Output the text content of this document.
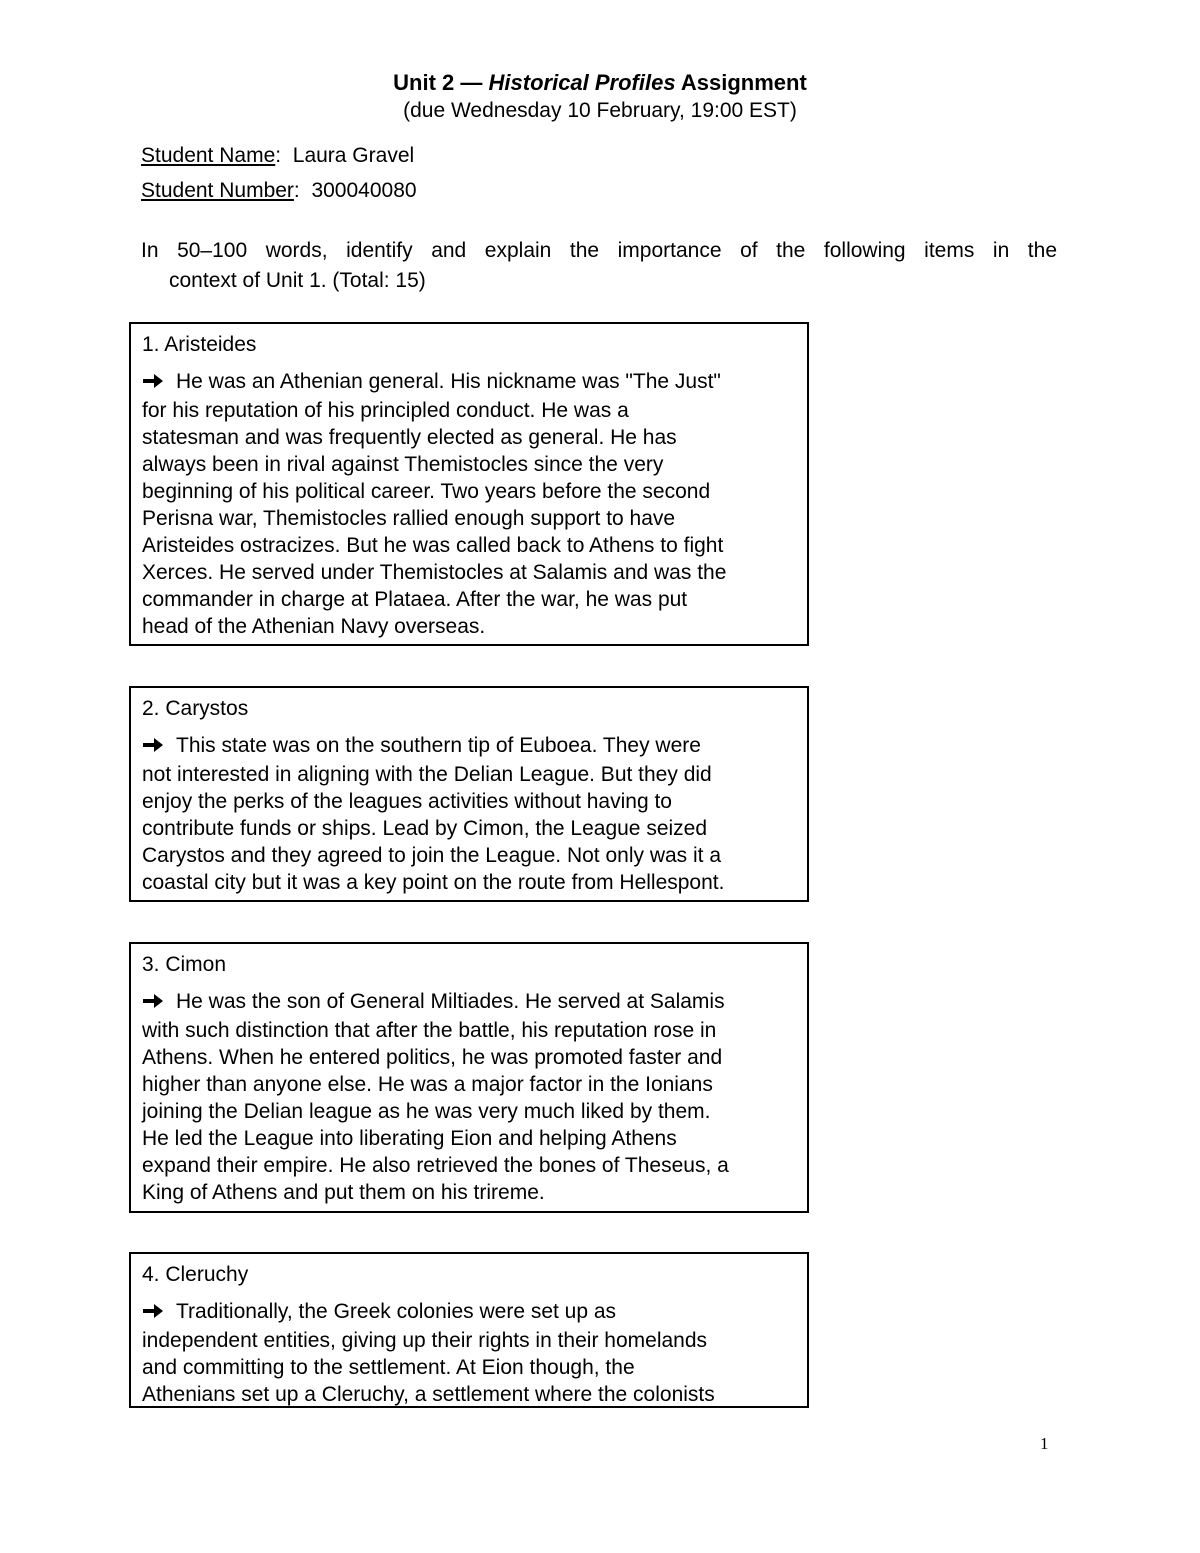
Unit 2 — Historical Profiles Assignment
(due Wednesday 10 February, 19:00 EST)
Student Name:  Laura Gravel
Student Number:  300040080
In 50–100 words, identify and explain the importance of the following items in the
context of Unit 1. (Total: 15)

1. Aristeides

He was an Athenian general. His nickname was "The Just"
for his reputation of his principled conduct. He was a
statesman and was frequently elected as general. He has
always been in rival against Themistocles since the very
beginning of his political career. Two years before the second
Perisna war, Themistocles rallied enough support to have
Aristeides ostracizes. But he was called back to Athens to fight
Xerces. He served under Themistocles at Salamis and was the
commander in charge at Plataea. After the war, he was put
head of the Athenian Navy overseas.

2. Carystos

This state was on the southern tip of Euboea. They were
not interested in aligning with the Delian League. But they did
enjoy the perks of the leagues activities without having to
contribute funds or ships. Lead by Cimon, the League seized
Carystos and they agreed to join the League. Not only was it a
coastal city but it was a key point on the route from Hellespont.

3. Cimon

He was the son of General Miltiades. He served at Salamis
with such distinction that after the battle, his reputation rose in
Athens. When he entered politics, he was promoted faster and
higher than anyone else. He was a major factor in the Ionians
joining the Delian league as he was very much liked by them.
He led the League into liberating Eion and helping Athens
expand their empire. He also retrieved the bones of Theseus, a
King of Athens and put them on his trireme.

4. Cleruchy

Traditionally, the Greek colonies were set up as
independent entities, giving up their rights in their homelands
and committing to the settlement. At Eion though, the
Athenians set up a Cleruchy, a settlement where the colonists
1
